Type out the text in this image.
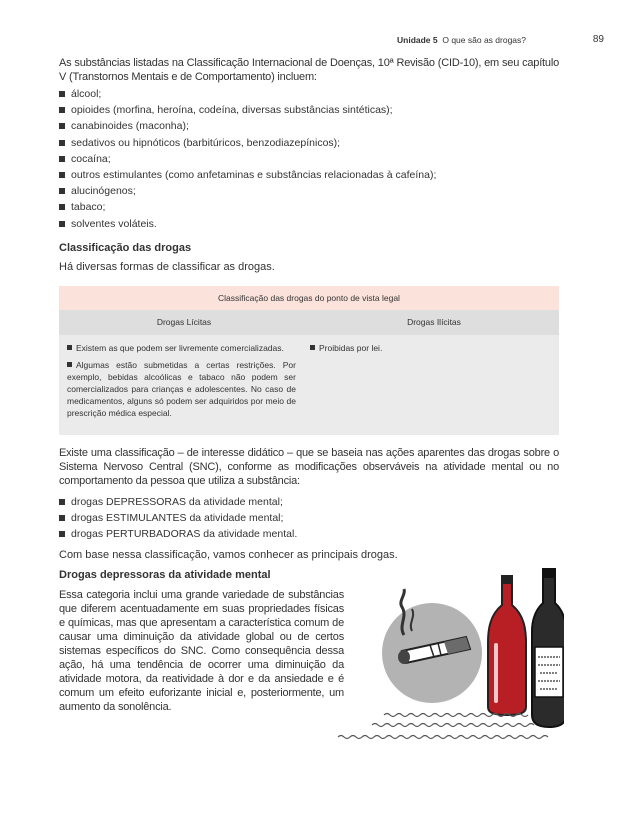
Unidade 5 O que são as drogas?	89

As substâncias listadas na Classificação Internacional de Doenças, 10ª Revisão (CID-10), em seu capítulo V (Transtornos Mentais e de Comportamento) incluem:

álcool;
opioides (morfina, heroína, codeína, diversas substâncias sintéticas);
canabinoides (maconha);
sedativos ou hipnóticos (barbitúricos, benzodiazepínicos);
cocaína;
outros estimulantes (como anfetaminas e substâncias relacionadas à cafeína);
alucinógenos;
tabaco;
solventes voláteis.
Classificação das drogas

Há diversas formas de classificar as drogas.

Classificação das drogas do ponto de vista legal
Drogas Lícitas	Drogas Ilícitas

Existem as que podem ser livremente comercializadas.

Algumas estão submetidas a certas restrições. Por exemplo, bebidas alcoólicas e tabaco não podem ser comercializados para crianças e adolescentes. No caso de medicamentos, alguns só podem ser adquiridos por meio de prescrição médica especial.

Proibidas por lei.

Existe uma classificação – de interesse didático – que se baseia nas ações aparentes das drogas sobre o Sistema Nervoso Central (SNC), conforme as modificações observáveis na atividade mental ou no comportamento da pessoa que utiliza a substância:

drogas DEPRESSORAS da atividade mental;
drogas ESTIMULANTES da atividade mental;
drogas PERTURBADORAS da atividade mental.

Com base nessa classificação, vamos conhecer as principais drogas.

Drogas depressoras da atividade mental

Essa categoria inclui uma grande variedade de substâncias que diferem acentuadamente em suas propriedades físicas e químicas, mas que apresentam a característica comum de causar uma diminuição da atividade global ou de certos sistemas específicos do SNC. Como consequência dessa ação, há uma tendência de ocorrer uma diminuição da atividade motora, da reatividade à dor e da ansiedade e é comum um efeito euforizante inicial e, posteriormente, um aumento da sonolência.
